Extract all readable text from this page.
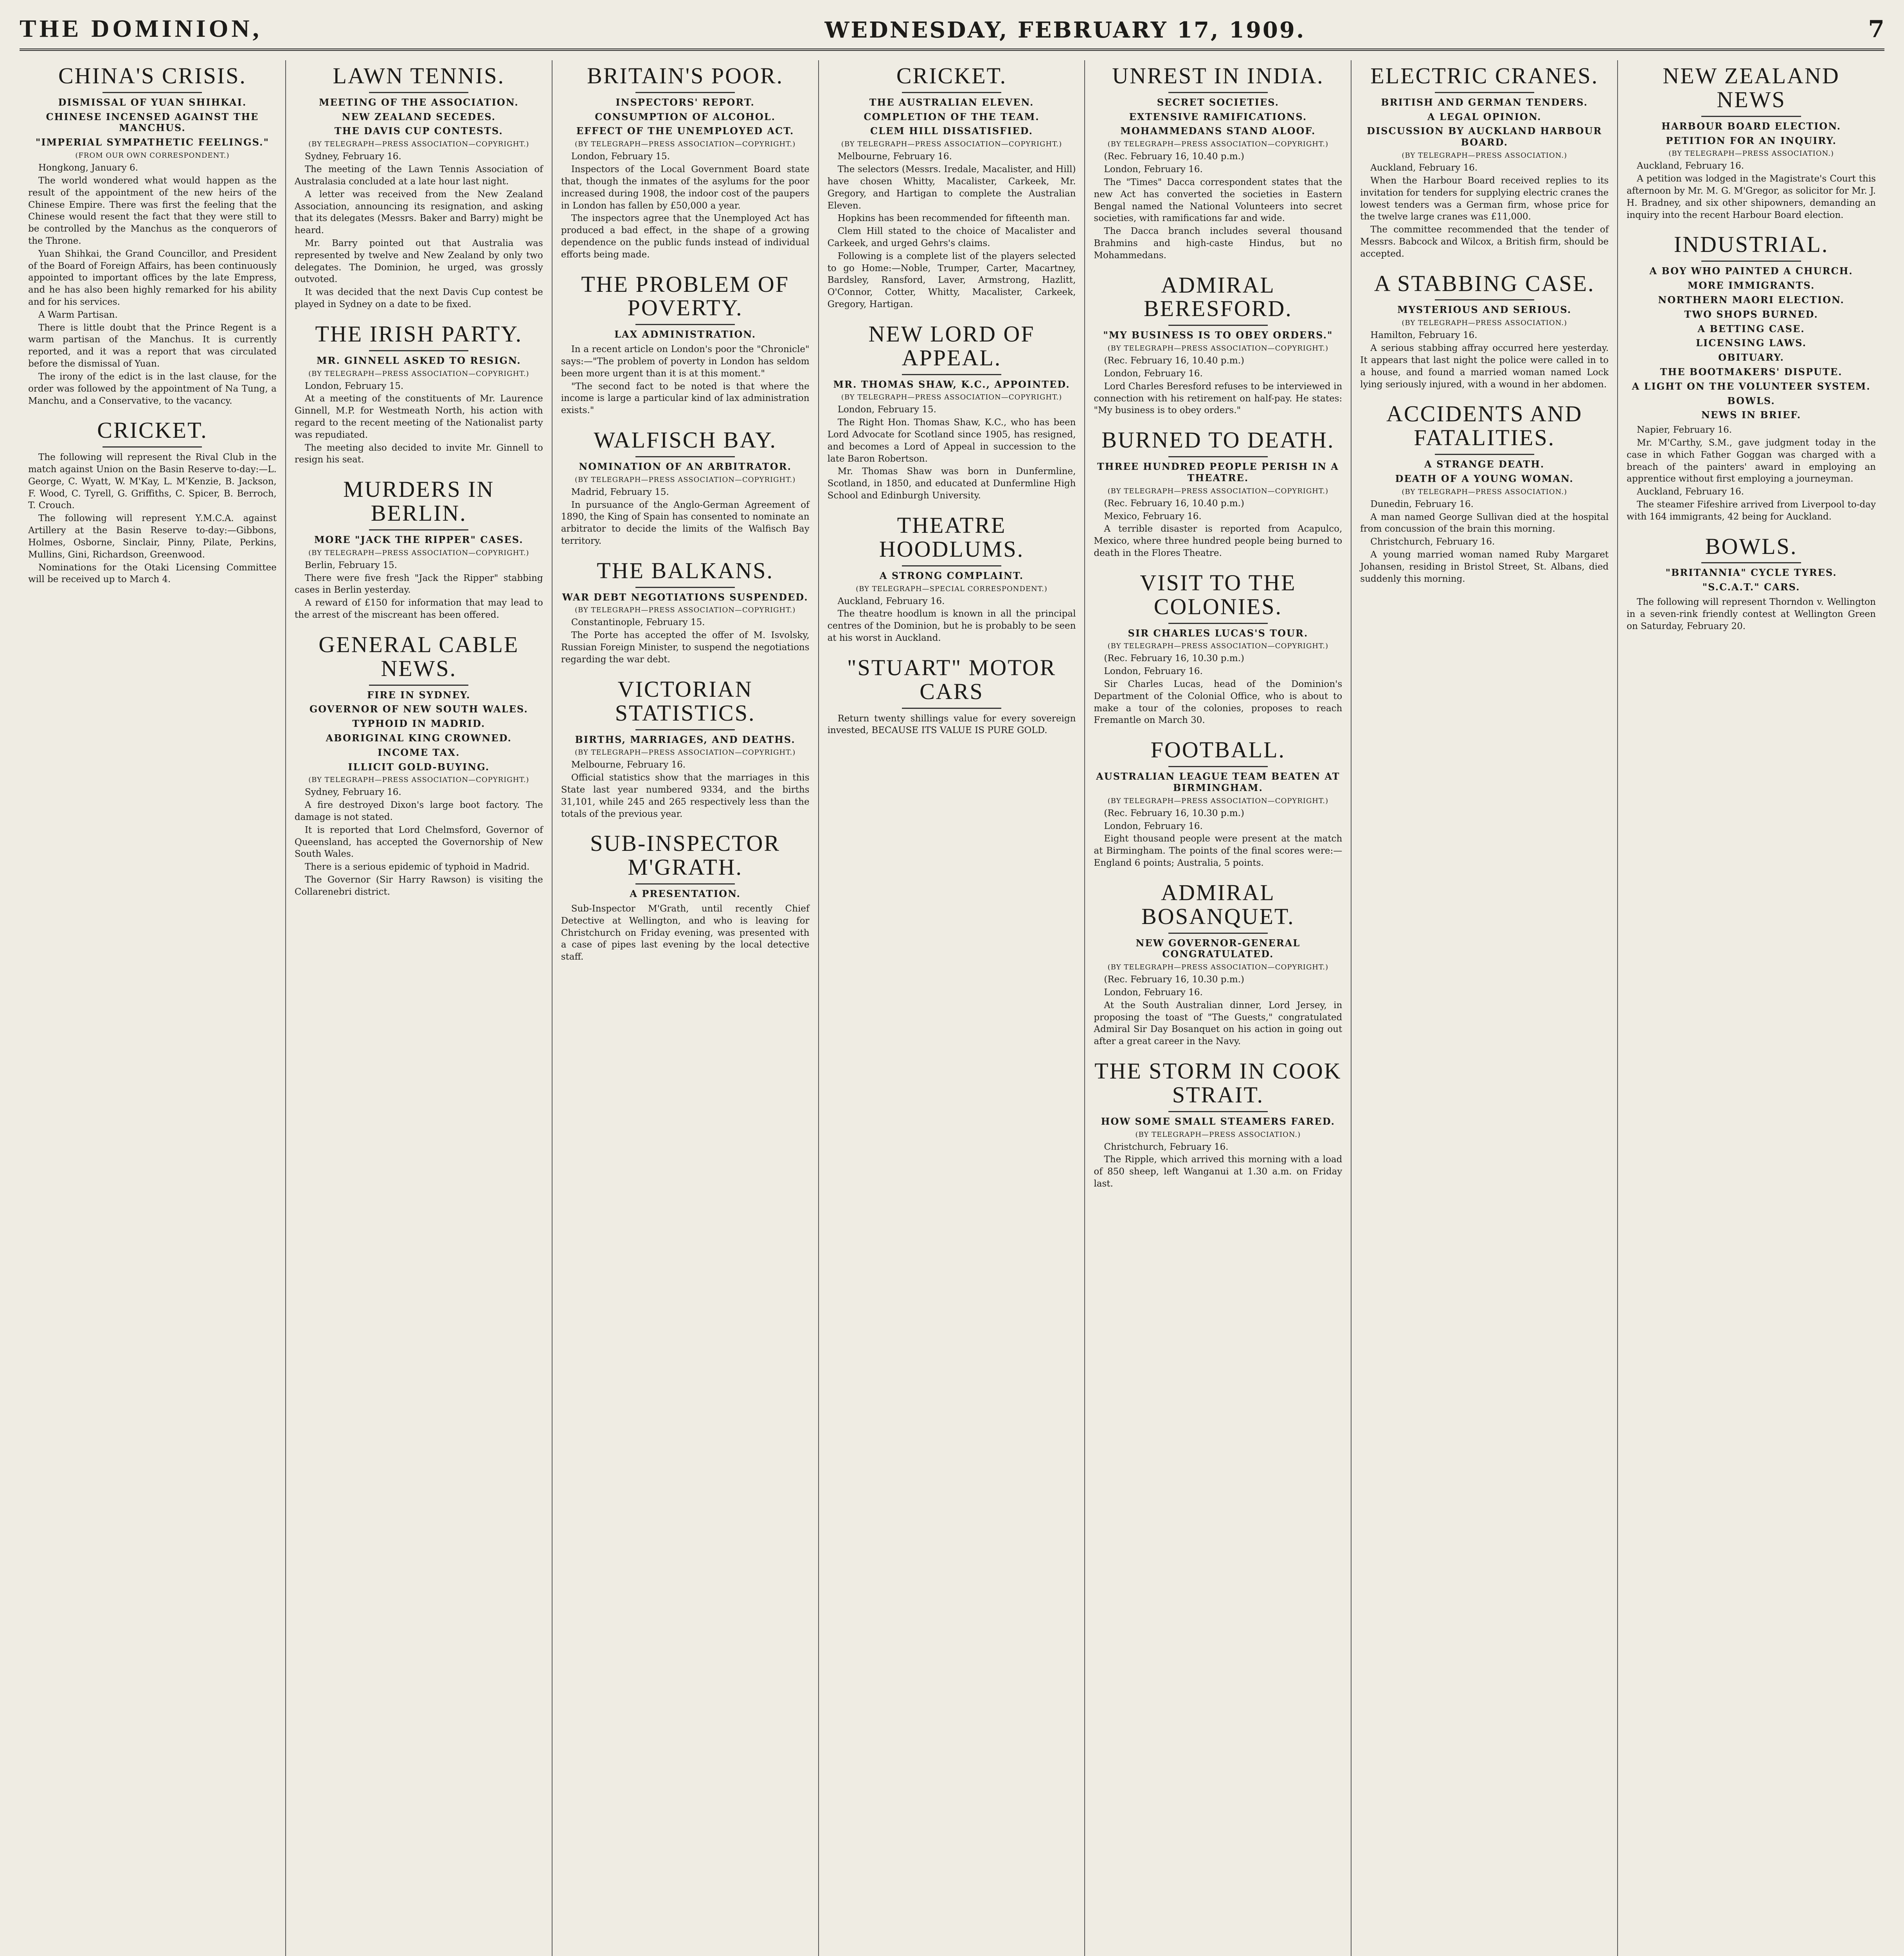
THE DOMINION,	WEDNESDAY, FEBRUARY 17, 1909.	7
CHINA'S CRISIS.
DISMISSAL OF YUAN SHIHKAI.
CHINESE INCENSED AGAINST THE MANCHUS.
"IMPERIAL SYMPATHETIC FEELINGS."
(FROM OUR OWN CORRESPONDENT.)

Hongkong, January 6.

The world wondered what would happen as the result of the appointment of the new heirs of the Chinese Empire. There was first the feeling that the Chinese would resent the fact that they were still to be controlled by the Manchus as the conquerors of the Throne.

Yuan Shihkai, the Grand Councillor, and President of the Board of Foreign Affairs, has been continuously appointed to important offices by the late Empress, and he has also been highly remarked for his ability and for his services.

A Warm Partisan.

There is little doubt that the Prince Regent is a warm partisan of the Manchus. It is currently reported, and it was a report that was circulated before the dismissal of Yuan.

The irony of the edict is in the last clause, for the order was followed by the appointment of Na Tung, a Manchu, and a Conservative, to the vacancy.

CRICKET.

The following will represent the Rival Club in the match against Union on the Basin Reserve to-day:—L. George, C. Wyatt, W. M'Kay, L. M'Kenzie, B. Jackson, F. Wood, C. Tyrell, G. Griffiths, C. Spicer, B. Berroch, T. Crouch.

The following will represent Y.M.C.A. against Artillery at the Basin Reserve to-day:—Gibbons, Holmes, Osborne, Sinclair, Pinny, Pilate, Perkins, Mullins, Gini, Richardson, Greenwood.

Nominations for the Otaki Licensing Committee will be received up to March 4.

LAWN TENNIS.
MEETING OF THE ASSOCIATION.
NEW ZEALAND SECEDES.
THE DAVIS CUP CONTESTS.
(BY TELEGRAPH—PRESS ASSOCIATION—COPYRIGHT.)

Sydney, February 16.

The meeting of the Lawn Tennis Association of Australasia concluded at a late hour last night.

A letter was received from the New Zealand Association, announcing its resignation, and asking that its delegates (Messrs. Baker and Barry) might be heard.

Mr. Barry pointed out that Australia was represented by twelve and New Zealand by only two delegates. The Dominion, he urged, was grossly outvoted.

It was decided that the next Davis Cup contest be played in Sydney on a date to be fixed.

THE IRISH PARTY.
MR. GINNELL ASKED TO RESIGN.
(BY TELEGRAPH—PRESS ASSOCIATION—COPYRIGHT.)

London, February 15.

At a meeting of the constituents of Mr. Laurence Ginnell, M.P. for Westmeath North, his action with regard to the recent meeting of the Nationalist party was repudiated.

The meeting also decided to invite Mr. Ginnell to resign his seat.

MURDERS IN BERLIN.
MORE "JACK THE RIPPER" CASES.
(BY TELEGRAPH—PRESS ASSOCIATION—COPYRIGHT.)

Berlin, February 15.

There were five fresh "Jack the Ripper" stabbing cases in Berlin yesterday.

A reward of £150 for information that may lead to the arrest of the miscreant has been offered.

GENERAL CABLE NEWS.
FIRE IN SYDNEY.
GOVERNOR OF NEW SOUTH WALES.
TYPHOID IN MADRID.
ABORIGINAL KING CROWNED.
INCOME TAX.
ILLICIT GOLD-BUYING.
(BY TELEGRAPH—PRESS ASSOCIATION—COPYRIGHT.)

Sydney, February 16.

A fire destroyed Dixon's large boot factory. The damage is not stated.

It is reported that Lord Chelmsford, Governor of Queensland, has accepted the Governorship of New South Wales.

There is a serious epidemic of typhoid in Madrid.

The Governor (Sir Harry Rawson) is visiting the Collarenebri district.

BRITAIN'S POOR.
INSPECTORS' REPORT.
CONSUMPTION OF ALCOHOL.
EFFECT OF THE UNEMPLOYED ACT.
(BY TELEGRAPH—PRESS ASSOCIATION—COPYRIGHT.)

London, February 15.

Inspectors of the Local Government Board state that, though the inmates of the asylums for the poor increased during 1908, the indoor cost of the paupers in London has fallen by £50,000 a year.

The inspectors agree that the Unemployed Act has produced a bad effect, in the shape of a growing dependence on the public funds instead of individual efforts being made.

THE PROBLEM OF POVERTY.
LAX ADMINISTRATION.

In a recent article on London's poor the "Chronicle" says:—"The problem of poverty in London has seldom been more urgent than it is at this moment."

"The second fact to be noted is that where the income is large a particular kind of lax administration exists."

WALFISCH BAY.
NOMINATION OF AN ARBITRATOR.
(BY TELEGRAPH—PRESS ASSOCIATION—COPYRIGHT.)

Madrid, February 15.

In pursuance of the Anglo-German Agreement of 1890, the King of Spain has consented to nominate an arbitrator to decide the limits of the Walfisch Bay territory.

THE BALKANS.
WAR DEBT NEGOTIATIONS SUSPENDED.
(BY TELEGRAPH—PRESS ASSOCIATION—COPYRIGHT.)

Constantinople, February 15.

The Porte has accepted the offer of M. Isvolsky, Russian Foreign Minister, to suspend the negotiations regarding the war debt.

VICTORIAN STATISTICS.
BIRTHS, MARRIAGES, AND DEATHS.
(BY TELEGRAPH—PRESS ASSOCIATION—COPYRIGHT.)

Melbourne, February 16.

Official statistics show that the marriages in this State last year numbered 9334, and the births 31,101, while 245 and 265 respectively less than the totals of the previous year.

SUB-INSPECTOR M'GRATH.
A PRESENTATION.

Sub-Inspector M'Grath, until recently Chief Detective at Wellington, and who is leaving for Christchurch on Friday evening, was presented with a case of pipes last evening by the local detective staff.

CRICKET.
THE AUSTRALIAN ELEVEN.
COMPLETION OF THE TEAM.
CLEM HILL DISSATISFIED.
(BY TELEGRAPH—PRESS ASSOCIATION—COPYRIGHT.)

Melbourne, February 16.

The selectors (Messrs. Iredale, Macalister, and Hill) have chosen Whitty, Macalister, Carkeek, Mr. Gregory, and Hartigan to complete the Australian Eleven.

Hopkins has been recommended for fifteenth man.

Clem Hill stated to the choice of Macalister and Carkeek, and urged Gehrs's claims.

Following is a complete list of the players selected to go Home:—Noble, Trumper, Carter, Macartney, Bardsley, Ransford, Laver, Armstrong, Hazlitt, O'Connor, Cotter, Whitty, Macalister, Carkeek, Gregory, Hartigan.

NEW LORD OF APPEAL.
MR. THOMAS SHAW, K.C., APPOINTED.
(BY TELEGRAPH—PRESS ASSOCIATION—COPYRIGHT.)

London, February 15.

The Right Hon. Thomas Shaw, K.C., who has been Lord Advocate for Scotland since 1905, has resigned, and becomes a Lord of Appeal in succession to the late Baron Robertson.

Mr. Thomas Shaw was born in Dunfermline, Scotland, in 1850, and educated at Dunfermline High School and Edinburgh University.

THEATRE HOODLUMS.
A STRONG COMPLAINT.
(BY TELEGRAPH—SPECIAL CORRESPONDENT.)

Auckland, February 16.

The theatre hoodlum is known in all the principal centres of the Dominion, but he is probably to be seen at his worst in Auckland.

"STUART" MOTOR CARS

Return twenty shillings value for every sovereign invested, BECAUSE ITS VALUE IS PURE GOLD.

UNREST IN INDIA.
SECRET SOCIETIES.
EXTENSIVE RAMIFICATIONS.
MOHAMMEDANS STAND ALOOF.
(BY TELEGRAPH—PRESS ASSOCIATION—COPYRIGHT.)

(Rec. February 16, 10.40 p.m.)

London, February 16.

The "Times" Dacca correspondent states that the new Act has converted the societies in Eastern Bengal named the National Volunteers into secret societies, with ramifications far and wide.

The Dacca branch includes several thousand Brahmins and high-caste Hindus, but no Mohammedans.

ADMIRAL BERESFORD.
"MY BUSINESS IS TO OBEY ORDERS."
(BY TELEGRAPH—PRESS ASSOCIATION—COPYRIGHT.)

(Rec. February 16, 10.40 p.m.)

London, February 16.

Lord Charles Beresford refuses to be interviewed in connection with his retirement on half-pay. He states: "My business is to obey orders."

BURNED TO DEATH.
THREE HUNDRED PEOPLE PERISH IN A THEATRE.
(BY TELEGRAPH—PRESS ASSOCIATION—COPYRIGHT.)

(Rec. February 16, 10.40 p.m.)

Mexico, February 16.

A terrible disaster is reported from Acapulco, Mexico, where three hundred people being burned to death in the Flores Theatre.

VISIT TO THE COLONIES.
SIR CHARLES LUCAS'S TOUR.
(BY TELEGRAPH—PRESS ASSOCIATION—COPYRIGHT.)

(Rec. February 16, 10.30 p.m.)

London, February 16.

Sir Charles Lucas, head of the Dominion's Department of the Colonial Office, who is about to make a tour of the colonies, proposes to reach Fremantle on March 30.

FOOTBALL.
AUSTRALIAN LEAGUE TEAM BEATEN AT BIRMINGHAM.
(BY TELEGRAPH—PRESS ASSOCIATION—COPYRIGHT.)

(Rec. February 16, 10.30 p.m.)

London, February 16.

Eight thousand people were present at the match at Birmingham. The points of the final scores were:—England 6 points; Australia, 5 points.

ADMIRAL BOSANQUET.
NEW GOVERNOR-GENERAL CONGRATULATED.
(BY TELEGRAPH—PRESS ASSOCIATION—COPYRIGHT.)

(Rec. February 16, 10.30 p.m.)

London, February 16.

At the South Australian dinner, Lord Jersey, in proposing the toast of "The Guests," congratulated Admiral Sir Day Bosanquet on his action in going out after a great career in the Navy.

THE STORM IN COOK STRAIT.
HOW SOME SMALL STEAMERS FARED.
(BY TELEGRAPH—PRESS ASSOCIATION.)

Christchurch, February 16.

The Ripple, which arrived this morning with a load of 850 sheep, left Wanganui at 1.30 a.m. on Friday last.

ELECTRIC CRANES.
BRITISH AND GERMAN TENDERS.
A LEGAL OPINION.
DISCUSSION BY AUCKLAND HARBOUR BOARD.
(BY TELEGRAPH—PRESS ASSOCIATION.)

Auckland, February 16.

When the Harbour Board received replies to its invitation for tenders for supplying electric cranes the lowest tenders was a German firm, whose price for the twelve large cranes was £11,000.

The committee recommended that the tender of Messrs. Babcock and Wilcox, a British firm, should be accepted.

A STABBING CASE.
MYSTERIOUS AND SERIOUS.
(BY TELEGRAPH—PRESS ASSOCIATION.)

Hamilton, February 16.

A serious stabbing affray occurred here yesterday. It appears that last night the police were called in to a house, and found a married woman named Lock lying seriously injured, with a wound in her abdomen.

ACCIDENTS AND FATALITIES.
A STRANGE DEATH.
DEATH OF A YOUNG WOMAN.
(BY TELEGRAPH—PRESS ASSOCIATION.)

Dunedin, February 16.

A man named George Sullivan died at the hospital from concussion of the brain this morning.

Christchurch, February 16.

A young married woman named Ruby Margaret Johansen, residing in Bristol Street, St. Albans, died suddenly this morning.

NEW ZEALAND NEWS
HARBOUR BOARD ELECTION.
PETITION FOR AN INQUIRY.
(BY TELEGRAPH—PRESS ASSOCIATION.)

Auckland, February 16.

A petition was lodged in the Magistrate's Court this afternoon by Mr. M. G. M'Gregor, as solicitor for Mr. J. H. Bradney, and six other shipowners, demanding an inquiry into the recent Harbour Board election.

INDUSTRIAL.
A BOY WHO PAINTED A CHURCH.
MORE IMMIGRANTS.
NORTHERN MAORI ELECTION.
TWO SHOPS BURNED.
A BETTING CASE.
LICENSING LAWS.
OBITUARY.
THE BOOTMAKERS' DISPUTE.
A LIGHT ON THE VOLUNTEER SYSTEM.
BOWLS.
NEWS IN BRIEF.

Napier, February 16.

Mr. M'Carthy, S.M., gave judgment today in the case in which Father Goggan was charged with a breach of the painters' award in employing an apprentice without first employing a journeyman.

Auckland, February 16.

The steamer Fifeshire arrived from Liverpool to-day with 164 immigrants, 42 being for Auckland.

BOWLS.
"BRITANNIA" CYCLE TYRES.
"S.C.A.T." CARS.

The following will represent Thorndon v. Wellington in a seven-rink friendly contest at Wellington Green on Saturday, February 20.
